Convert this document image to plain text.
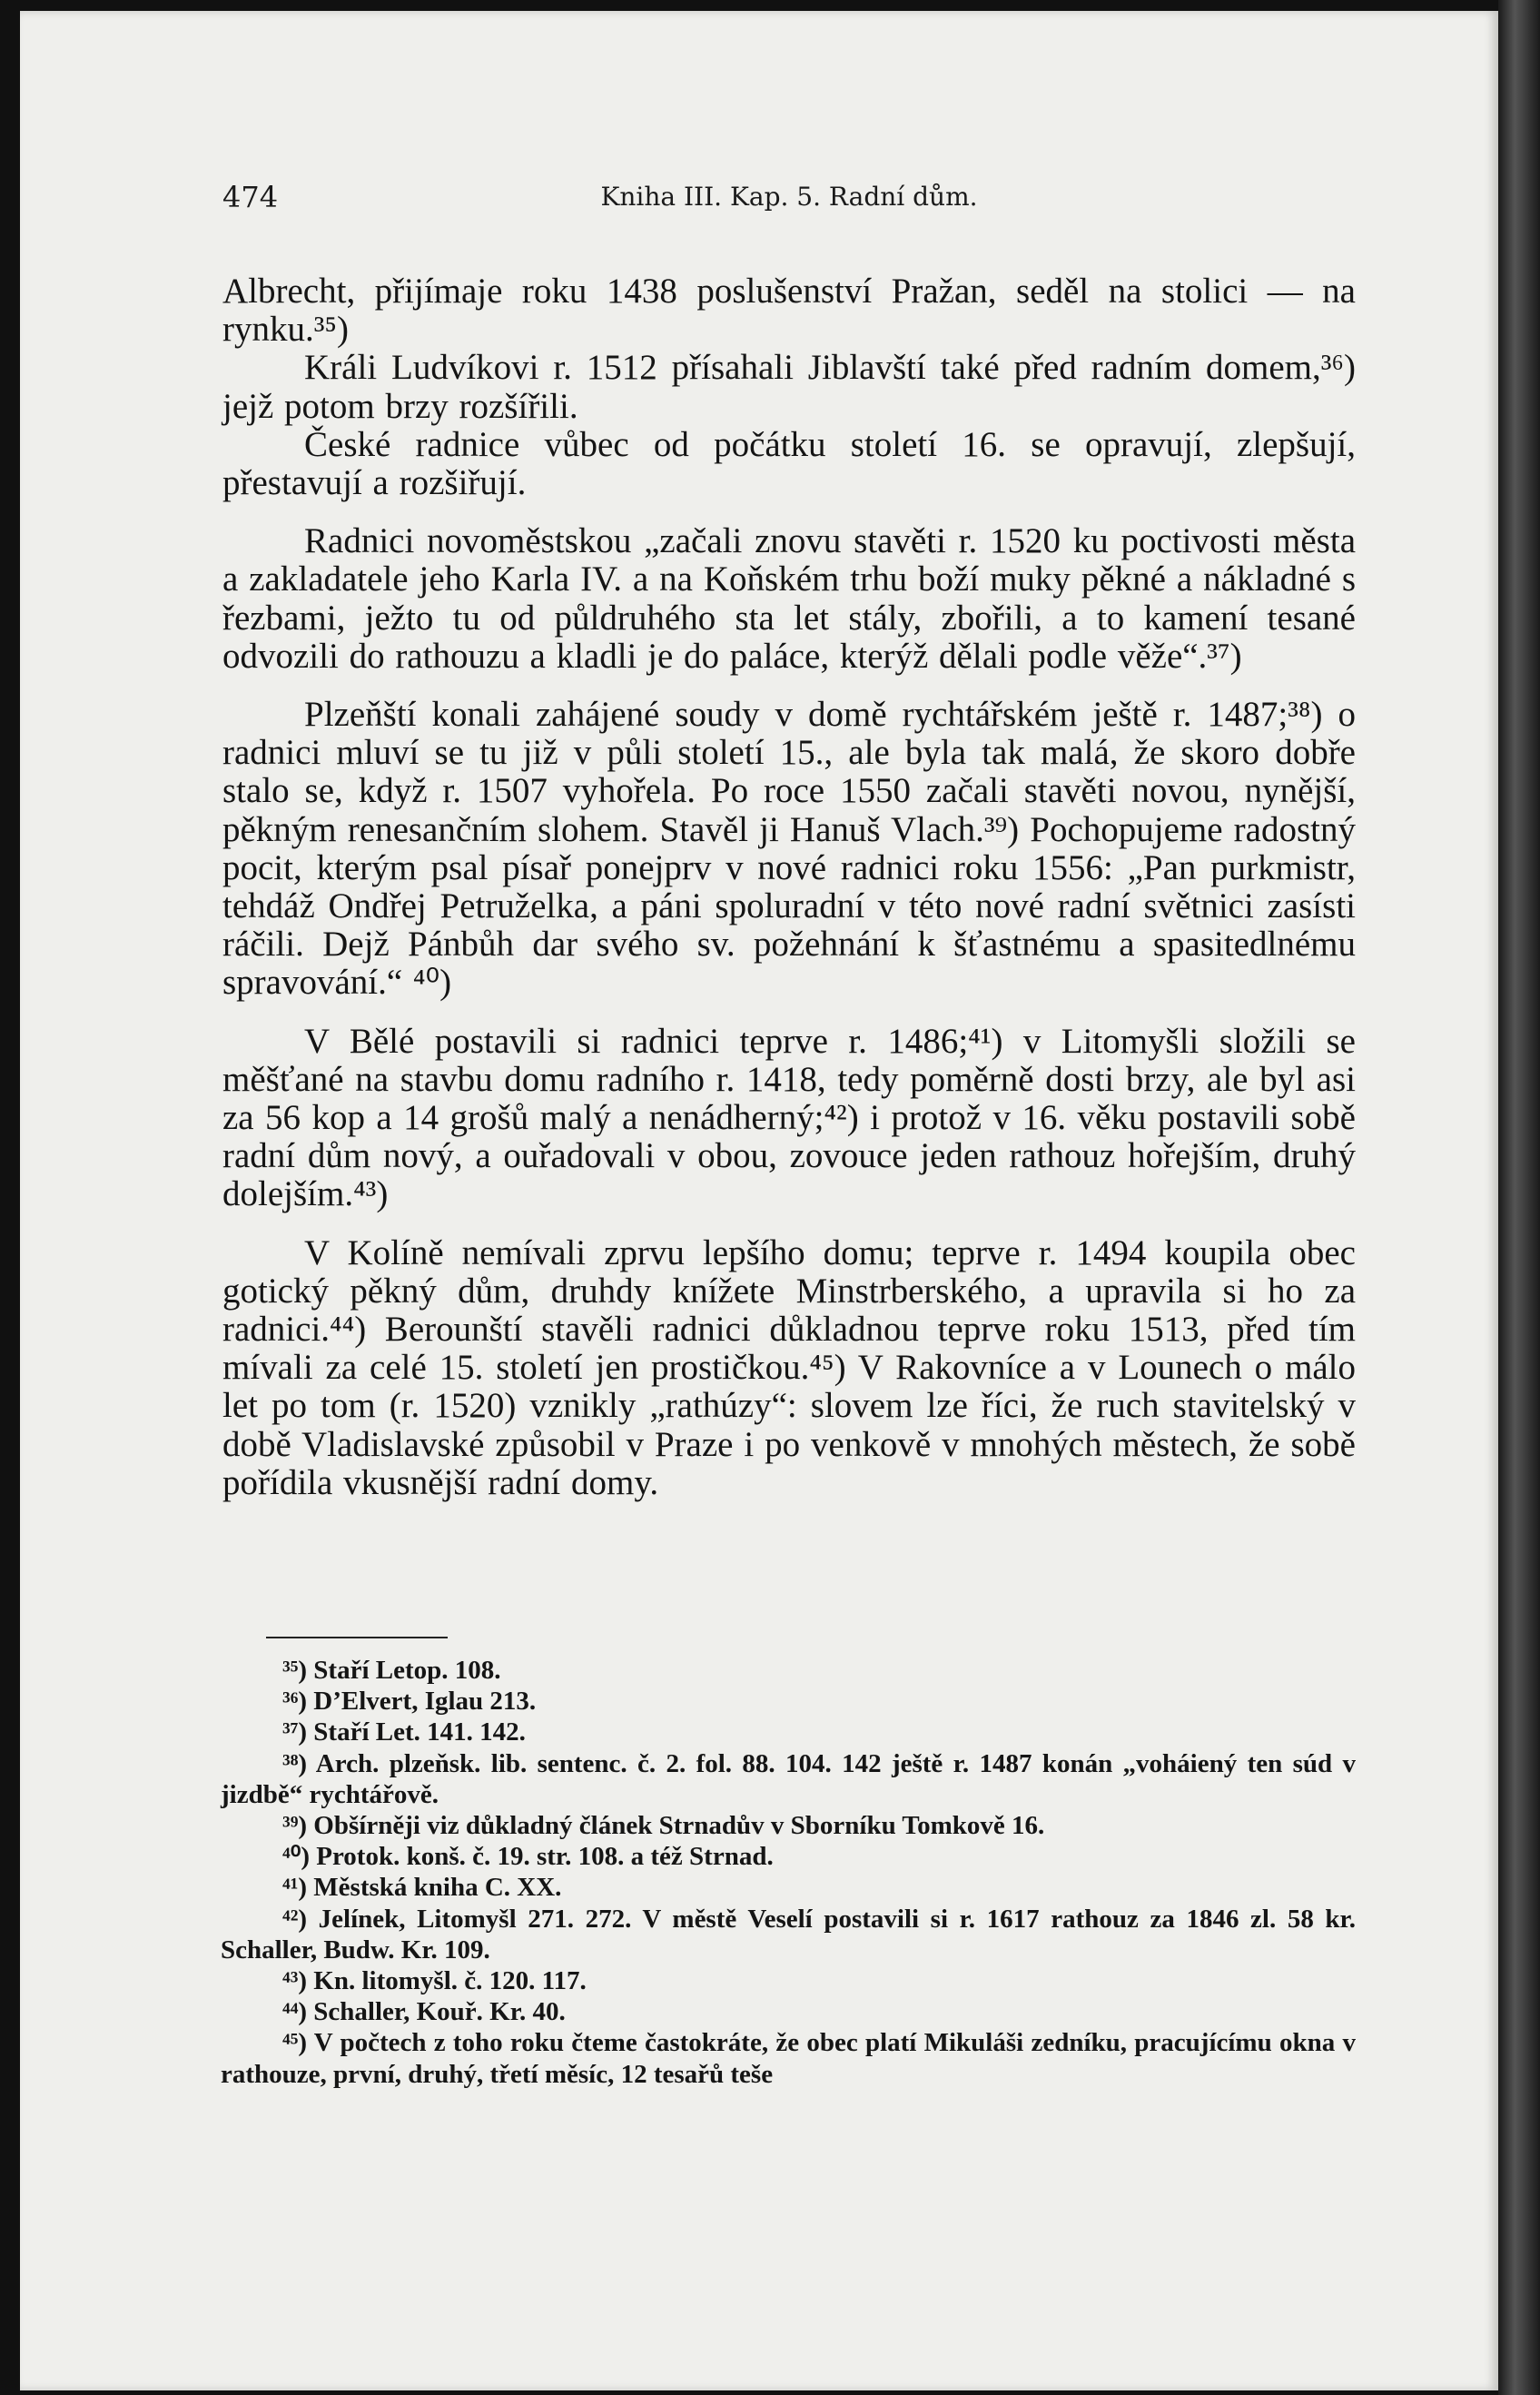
474	Kniha III. Kap. 5. Radní dům.

Albrecht, přijímaje roku 1438 poslušenství Pražan, seděl na stolici — na rynku.³⁵)

Králi Ludvíkovi r. 1512 přísahali Jiblavští také před radním domem,³⁶) jejž potom brzy rozšířili.

České radnice vůbec od počátku století 16. se opravují, zlepšují, přestavují a rozšiřují.

Radnici novoměstskou „začali znovu stavěti r. 1520 ku poctivosti města a zakladatele jeho Karla IV. a na Koňském trhu boží muky pěkné a nákladné s řezbami, ježto tu od půldruhého sta let stály, zbořili, a to kamení tesané odvozili do rathouzu a kladli je do paláce, kterýž dělali podle věže“.³⁷)

Plzeňští konali zahájené soudy v domě rychtářském ještě r. 1487;³⁸) o radnici mluví se tu již v půli století 15., ale byla tak malá, že skoro dobře stalo se, když r. 1507 vyhořela. Po roce 1550 začali stavěti novou, nynější, pěkným renesančním slohem. Stavěl ji Hanuš Vlach.³⁹) Pochopujeme radostný pocit, kterým psal písař ponejprv v nové radnici roku 1556: „Pan purkmistr, tehdáž Ondřej Petruželka, a páni spoluradní v této nové radní světnici zasísti ráčili. Dejž Pánbůh dar svého sv. požehnání k šťastnému a spasitedlnému spravování.“ ⁴⁰)

V Bělé postavili si radnici teprve r. 1486;⁴¹) v Litomyšli složili se měšťané na stavbu domu radního r. 1418, tedy poměrně dosti brzy, ale byl asi za 56 kop a 14 grošů malý a nenádherný;⁴²) i protož v 16. věku postavili sobě radní dům nový, a ouřadovali v obou, zovouce jeden rathouz hořejším, druhý dolejším.⁴³)

V Kolíně nemívali zprvu lepšího domu; teprve r. 1494 koupila obec gotický pěkný dům, druhdy knížete Minstrberského, a upravila si ho za radnici.⁴⁴) Berounští stavěli radnici důkladnou teprve roku 1513, před tím mívali za celé 15. století jen prostičkou.⁴⁵) V Rakovníce a v Lounech o málo let po tom (r. 1520) vznikly „rathúzy“: slovem lze říci, že ruch stavitelský v době Vladislavské způsobil v Praze i po venkově v mnohých městech, že sobě pořídila vkusnější radní domy.

³⁵) Staří Letop. 108.
³⁶) D’Elvert, Iglau 213.
³⁷) Staří Let. 141. 142.
³⁸) Arch. plzeňsk. lib. sentenc. č. 2. fol. 88. 104. 142 ještě r. 1487 konán „voháiený ten súd v jizdbě“ rychtářově.
³⁹) Obšírněji viz důkladný článek Strnadův v Sborníku Tomkově 16.
⁴⁰) Protok. konš. č. 19. str. 108. a též Strnad.
⁴¹) Městská kniha C. XX.
⁴²) Jelínek, Litomyšl 271. 272. V městě Veselí postavili si r. 1617 rathouz za 1846 zl. 58 kr. Schaller, Budw. Kr. 109.
⁴³) Kn. litomyšl. č. 120. 117.
⁴⁴) Schaller, Kouř. Kr. 40.
⁴⁵) V počtech z toho roku čteme častokráte, že obec platí Mikuláši zedníku, pracujícímu okna v rathouze, první, druhý, třetí měsíc, 12 tesařů teše
